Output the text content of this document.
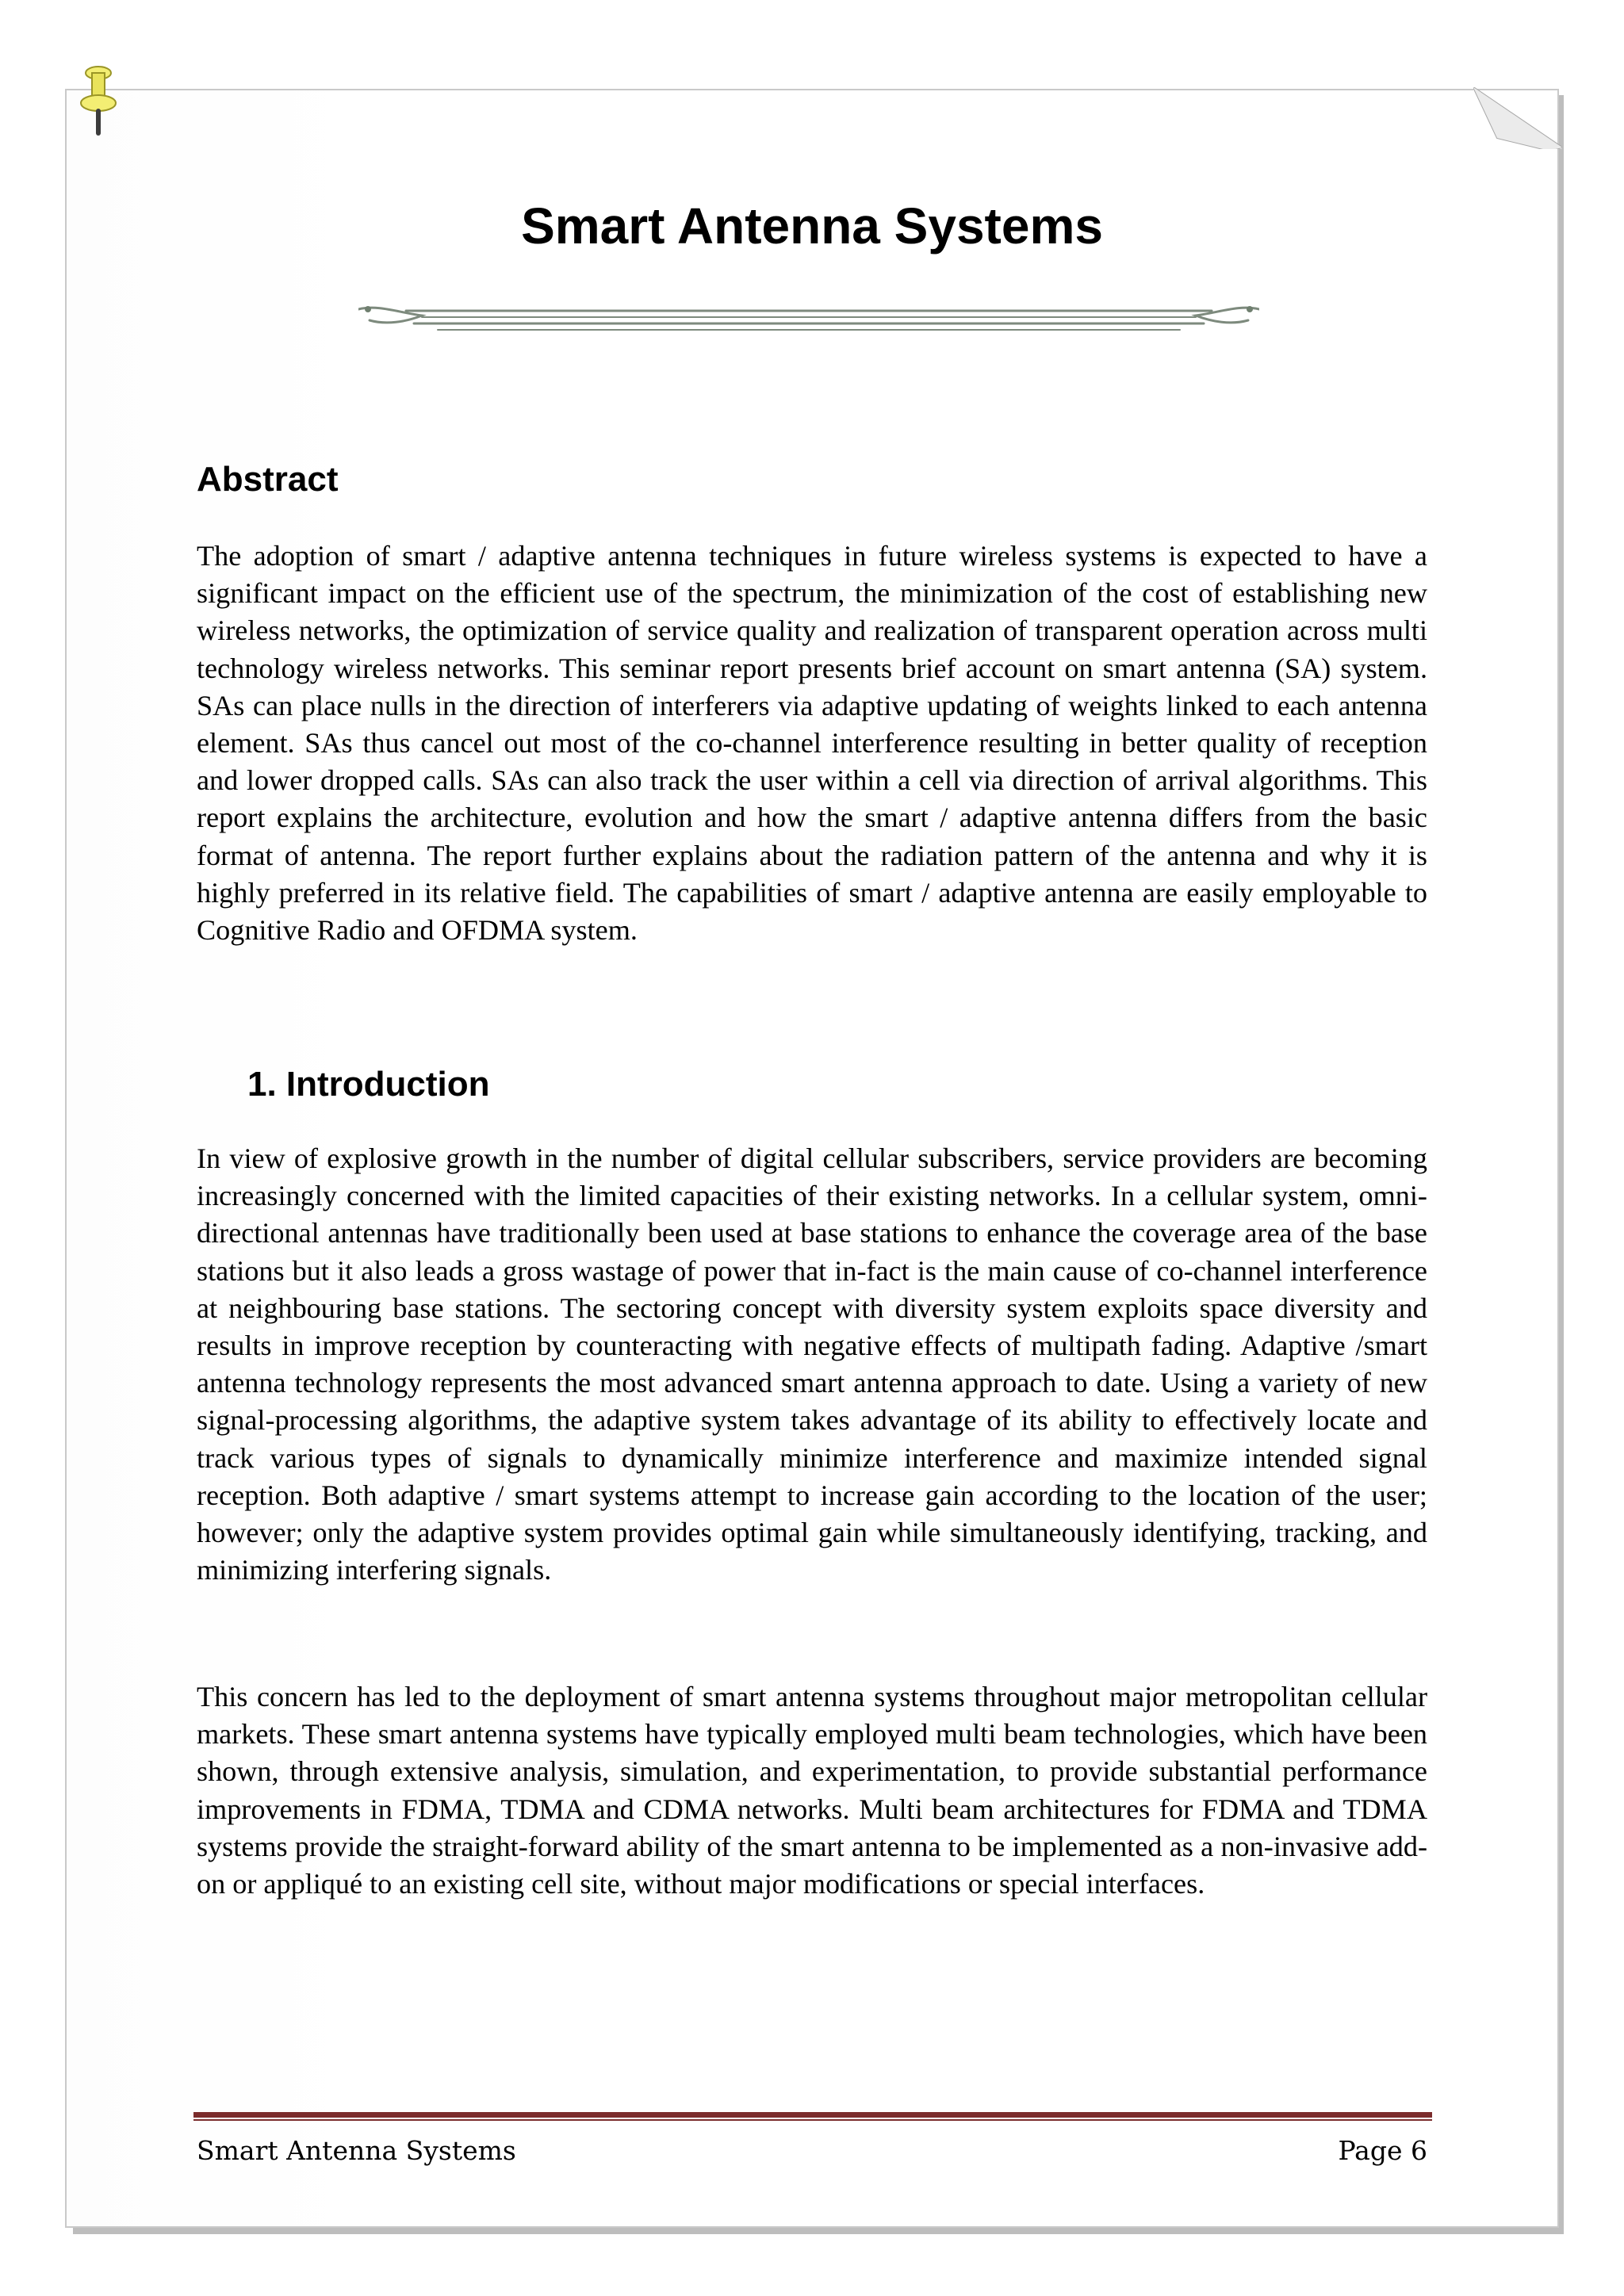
Smart Antenna Systems
Abstract

The adoption of smart / adaptive antenna techniques in future wireless systems is expected to have a significant impact on the efficient use of the spectrum, the minimization of the cost of establishing new wireless networks, the optimization of service quality and realization of transparent operation across multi technology wireless networks. This seminar report presents brief account on smart antenna (SA) system. SAs can place nulls in the direction of interferers via adaptive updating of weights linked to each antenna element. SAs thus cancel out most of the co-channel interference resulting in better quality of reception and lower dropped calls. SAs can also track the user within a cell via direction of arrival algorithms. This report explains the architecture, evolution and how the smart / adaptive antenna differs from the basic format of antenna. The report further explains about the radiation pattern of the antenna and why it is highly preferred in its relative field. The capabilities of smart / adaptive antenna are easily employable to Cognitive Radio and OFDMA system.

1. Introduction

In view of explosive growth in the number of digital cellular subscribers, service providers are becoming increasingly concerned with the limited capacities of their existing networks. In a cellular system, omni-directional antennas have traditionally been used at base stations to enhance the coverage area of the base stations but it also leads a gross wastage of power that in-fact is the main cause of co-channel interference at neighbouring base stations. The sectoring concept with diversity system exploits space diversity and results in improve reception by counteracting with negative effects of multipath fading. Adaptive /smart antenna technology represents the most advanced smart antenna approach to date. Using a variety of new signal-processing algorithms, the adaptive system takes advantage of its ability to effectively locate and track various types of signals to dynamically minimize interference and maximize intended signal reception. Both adaptive / smart systems attempt to increase gain according to the location of the user; however; only the adaptive system provides optimal gain while simultaneously identifying, tracking, and minimizing interfering signals.

This concern has led to the deployment of smart antenna systems throughout major metropolitan cellular markets. These smart antenna systems have typically employed multi beam technologies, which have been shown, through extensive analysis, simulation, and experimentation, to provide substantial performance improvements in FDMA, TDMA and CDMA networks. Multi beam architectures for FDMA and TDMA systems provide the straight-forward ability of the smart antenna to be implemented as a non-invasive add-on or appliqué to an existing cell site, without major modifications or special interfaces.

Smart Antenna Systems	Page 6
